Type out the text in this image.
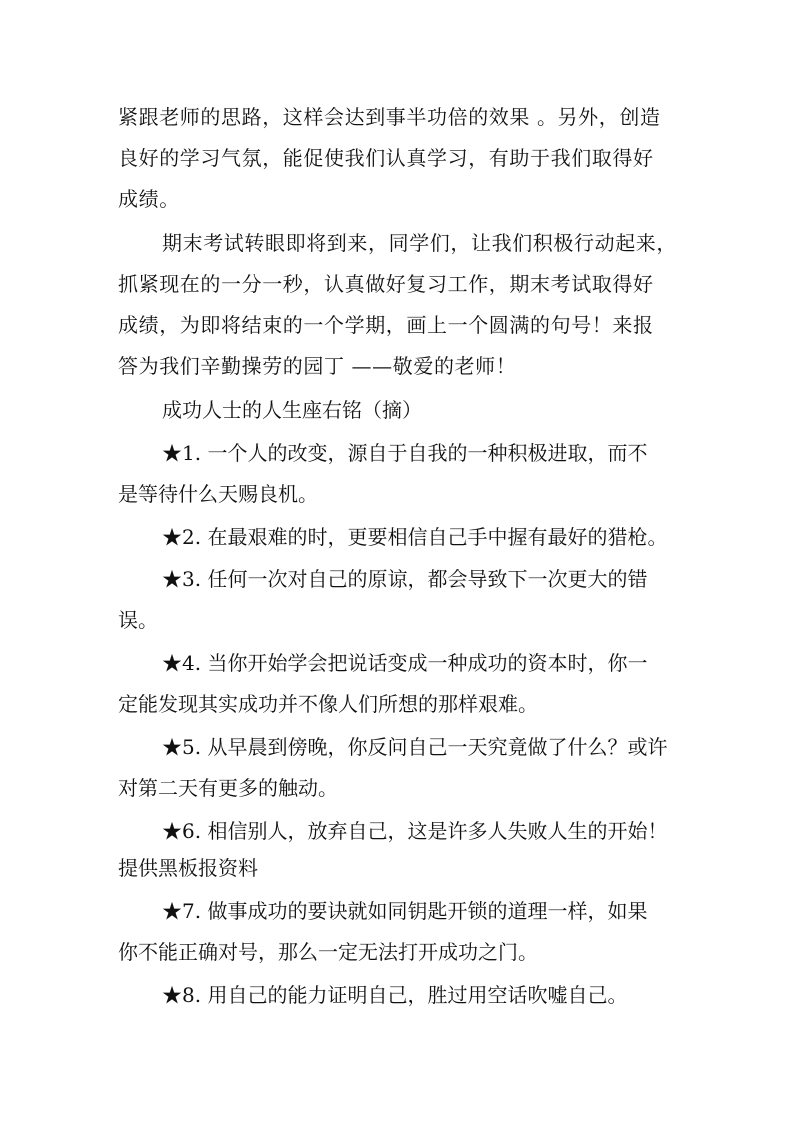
紧跟老师的思路，这样会达到事半功倍的效果 。另外，创造
良好的学习气氛，能促使我们认真学习，有助于我们取得好
成绩。
期末考试转眼即将到来，同学们，让我们积极行动起来，
抓紧现在的一分一秒，认真做好复习工作，期末考试取得好
成绩，为即将结束的一个学期，画上一个圆满的句号！来报
答为我们辛勤操劳的园丁 ——敬爱的老师！
成功人士的人生座右铭（摘）
★1. 一个人的改变，源自于自我的一种积极进取，而不
是等待什么天赐良机。
★2. 在最艰难的时，更要相信自己手中握有最好的猎枪。
★3. 任何一次对自己的原谅，都会导致下一次更大的错
误。
★4. 当你开始学会把说话变成一种成功的资本时，你一
定能发现其实成功并不像人们所想的那样艰难。
★5. 从早晨到傍晚，你反问自己一天究竟做了什么？或许
对第二天有更多的触动。
★6. 相信别人，放弃自己，这是许多人失败人生的开始！
提供黑板报资料
★7. 做事成功的要诀就如同钥匙开锁的道理一样，如果
你不能正确对号，那么一定无法打开成功之门。
★8. 用自己的能力证明自己，胜过用空话吹嘘自己。
